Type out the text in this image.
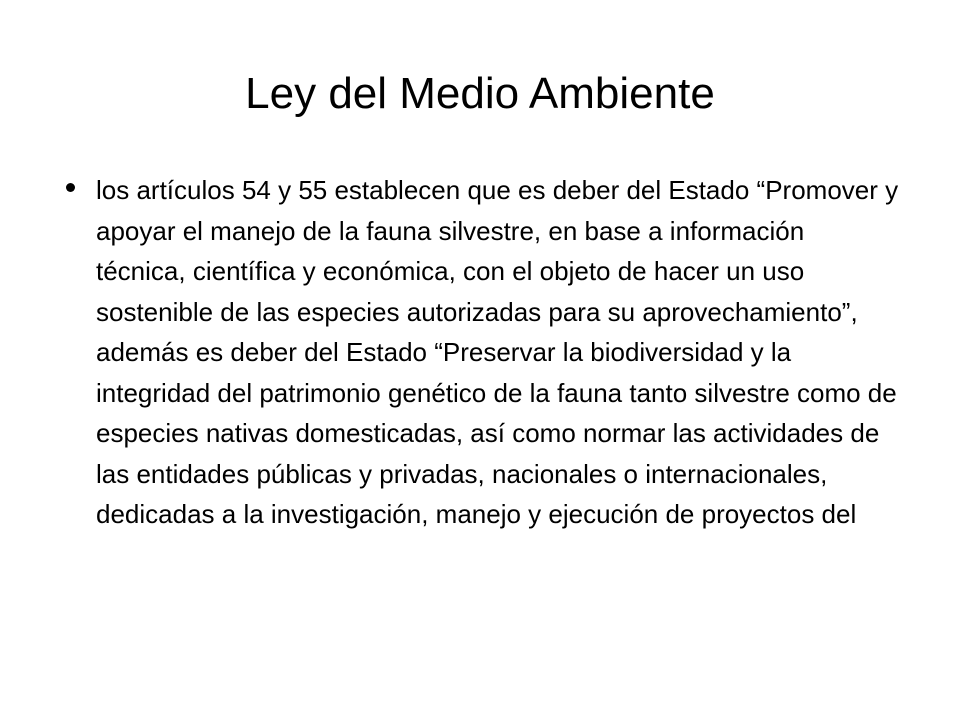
Ley del Medio Ambiente

los artículos 54 y 55 establecen que es deber del Estado “Promover y apoyar el manejo de la fauna silvestre, en base a información técnica, científica y económica, con el objeto de hacer un uso sostenible de las especies autorizadas para su aprovechamiento”, además es deber del Estado “Preservar la biodiversidad y la integridad del patrimonio genético de la fauna tanto silvestre como de especies nativas domesticadas, así como normar las actividades de las entidades públicas y privadas, nacionales o internacionales, dedicadas a la investigación, manejo y ejecución de proyectos del
